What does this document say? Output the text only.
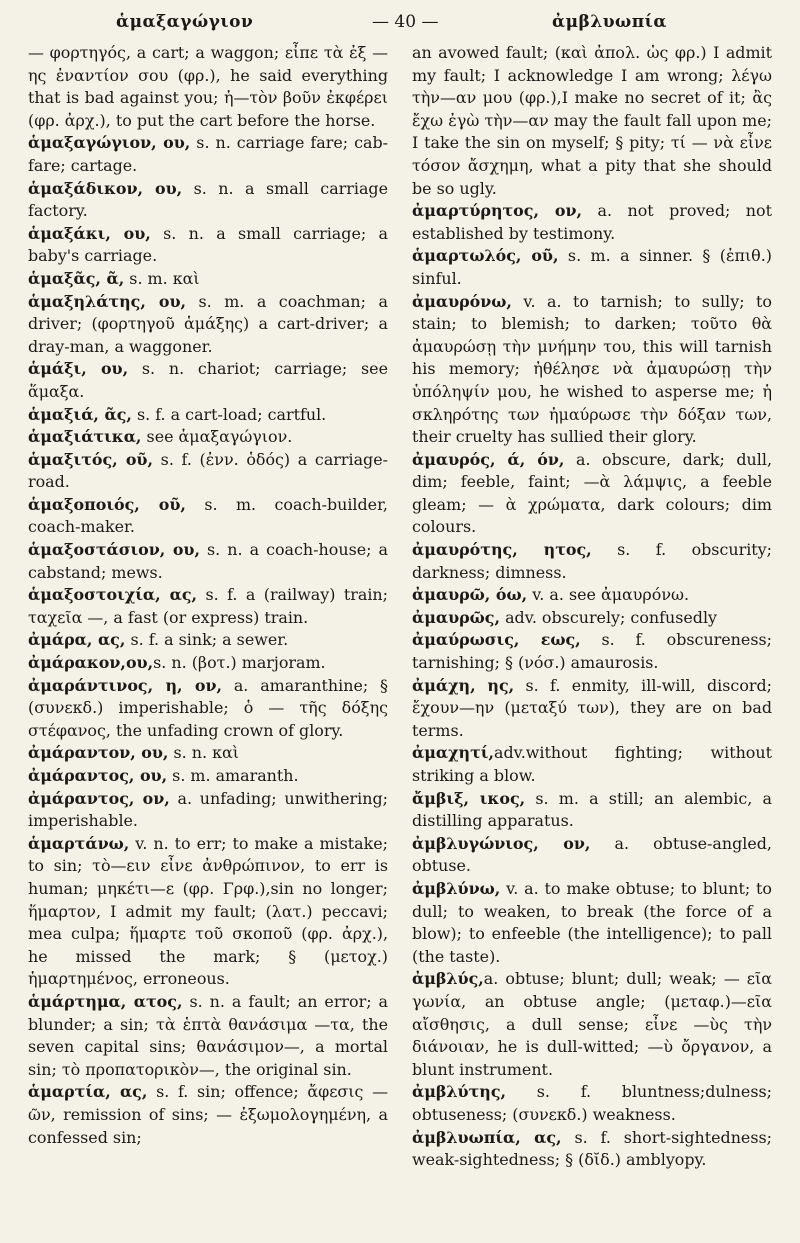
ἁμαξαγώγιον	— 40 —	ἀμβλυωπία

— φορτηγός, a cart; a waggon; εἶπε τὰ ἐξ —ης ἐναντίον σου (φρ.), he said everything that is bad against you; ἡ—τὸν βοῦν ἐκφέρει (φρ. ἀρχ.), to put the cart before the horse.

ἁμαξαγώγιον, ου, s. n. carriage fare; cab-fare; cartage.

ἁμαξάδικον, ου, s. n. a small carriage factory.

ἁμαξάκι, ου, s. n. a small carriage; a baby's carriage.

ἁμαξᾶς, ᾶ, s. m. καὶ

ἁμαξηλάτης, ου, s. m. a coachman; a driver; (φορτηγοῦ ἁμάξης) a cart-driver; a dray-man, a waggoner.

ἁμάξι, ου, s. n. chariot; carriage; see ἅμαξα.

ἁμαξιά, ᾶς, s. f. a cart-load; cartful.

ἁμαξιάτικα, see ἁμαξαγώγιον.

ἁμαξιτός, οῦ, s. f. (ἐνν. ὁδός) a carriage-road.

ἁμαξοποιός, οῦ, s. m. coach-builder, coach-maker.

ἁμαξοστάσιον, ου, s. n. a coach-house; a cabstand; mews.

ἁμαξοστοιχία, ας, s. f. a (railway) train; ταχεῖα —, a fast (or express) train.

ἀμάρα, ας, s. f. a sink; a sewer.

ἀμάρακον,ου,s. n. (βοτ.) marjoram.

ἀμαράντινος, η, ον, a. amaranthine; § (συνεκδ.) imperishable; ὁ — τῆς δόξης στέφανος, the unfading crown of glory.

ἀμάραντον, ου, s. n. καὶ

ἀμάραντος, ου, s. m. amaranth.

ἀμάραντος, ον, a. unfading; unwithering; imperishable.

ἁμαρτάνω, v. n. to err; to make a mistake; to sin; τὸ—ειν εἶνε ἀνθρώπινον, to err is human; μηκέτι—ε (φρ. Γρφ.),sin no longer; ἥμαρτον, I admit my fault; (λατ.) peccavi; mea culpa; ἥμαρτε τοῦ σκοποῦ (φρ. ἀρχ.), he missed the mark; § (μετοχ.) ἡμαρτημένος, erroneous.

ἁμάρτημα, ατος, s. n. a fault; an error; a blunder; a sin; τὰ ἑπτὰ θανάσιμα —τα, the seven capital sins; θανάσιμον—, a mortal sin; τὸ προπατορικὸν—, the original sin.

ἁμαρτία, ας, s. f. sin; offence; ἄφεσις — ῶν, remission of sins; — ἐξωμολογημένη, a confessed sin;

an avowed fault; (καὶ ἀπολ. ὡς φρ.) I admit my fault; I acknowledge I am wrong; λέγω τὴν—αν μου (φρ.),I make no secret of it; ἂς ἔχω ἐγὼ τὴν—αν may the fault fall upon me; I take the sin on myself; § pity; τί — νὰ εἶνε τόσον ἄσχημη, what a pity that she should be so ugly.

ἀμαρτύρητος, ον, a. not proved; not established by testimony.

ἁμαρτωλός, οῦ, s. m. a sinner. § (ἐπιθ.) sinful.

ἀμαυρόνω, v. a. to tarnish; to sully; to stain; to blemish; to darken; τοῦτο θὰ ἀμαυρώσῃ τὴν μνήμην του, this will tarnish his memory; ἠθέλησε νὰ ἀμαυρώσῃ τὴν ὑπόληψίν μου, he wished to asperse me; ἡ σκληρότης των ἠμαύρωσε τὴν δόξαν των, their cruelty has sullied their glory.

ἀμαυρός, ά, όν, a. obscure, dark; dull, dim; feeble, faint; —ὰ λάμψις, a feeble gleam; — ὰ χρώματα, dark colours; dim colours.

ἀμαυρότης, ητος, s. f. obscurity; darkness; dimness.

ἀμαυρῶ, όω, v. a. see ἀμαυρόνω.

ἀμαυρῶς, adv. obscurely; confusedly

ἀμαύρωσις, εως, s. f. obscureness; tarnishing; § (νόσ.) amaurosis.

ἀμάχη, ης, s. f. enmity, ill-will, discord; ἔχουν—ην (μεταξύ των), they are on bad terms.

ἀμαχητί,adv.without fighting; without striking a blow.

ἄμβιξ, ικος, s. m. a still; an alembic, a distilling apparatus.

ἀμβλυγώνιος, ον, a. obtuse-angled, obtuse.

ἀμβλύνω, v. a. to make obtuse; to blunt; to dull; to weaken, to break (the force of a blow); to enfeeble (the intelligence); to pall (the taste).

ἀμβλύς,a. obtuse; blunt; dull; weak; — εῖα γωνία, an obtuse angle; (μεταφ.)—εῖα αἴσθησις, a dull sense; εἶνε —ὺς τὴν διάνοιαν, he is dull-witted; —ὺ ὄργανον, a blunt instrument.

ἀμβλύτης, s. f. bluntness;dulness; obtuseness; (συνεκδ.) weakness.

ἀμβλυωπία, ας, s. f. short-sightedness; weak-sightedness; § (δῐδ.) amblyopy.
